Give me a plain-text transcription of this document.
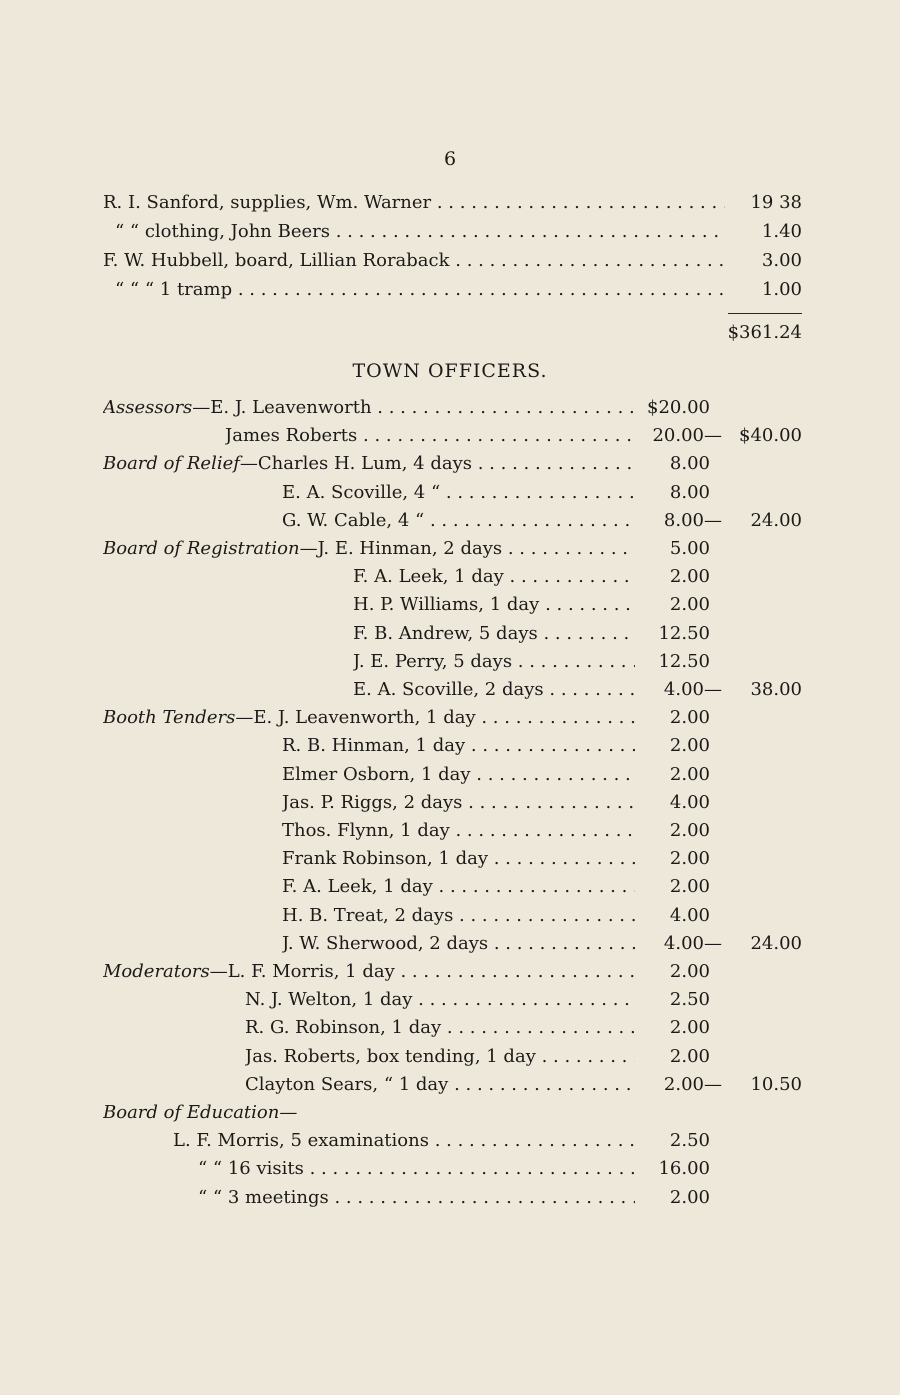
6
R. I. Sanford, supplies, Wm. Warner . . .	19 38
“ “ clothing, John Beers . . .	1.40
F. W. Hubbell, board, Lillian Roraback . . .	3.00
“ “ “ 1 tramp . . .	1.00
$361.24
TOWN OFFICERS.
Assessors—E. J. Leavenworth . . .	$20.00
James Roberts . . .	20.00— $40.00
Board of Relief—Charles H. Lum, 4 days . . .	8.00
E. A. Scoville, 4 “ . . .	8.00
G. W. Cable, 4 “ . . .	8.00— 24.00
Board of Registration—J. E. Hinman, 2 days . . .	5.00
F. A. Leek, 1 day . . .	2.00
H. P. Williams, 1 day . . .	2.00
F. B. Andrew, 5 days . . .	12.50
J. E. Perry, 5 days . . .	12.50
E. A. Scoville, 2 days . . .	4.00— 38.00
Booth Tenders—E. J. Leavenworth, 1 day . . .	2.00
R. B. Hinman, 1 day . . .	2.00
Elmer Osborn, 1 day . . .	2.00
Jas. P. Riggs, 2 days . . .	4.00
Thos. Flynn, 1 day . . .	2.00
Frank Robinson, 1 day . . .	2.00
F. A. Leek, 1 day . . .	2.00
H. B. Treat, 2 days . . .	4.00
J. W. Sherwood, 2 days . . .	4.00— 24.00
Moderators—L. F. Morris, 1 day . . .	2.00
N. J. Welton, 1 day . . .	2.50
R. G. Robinson, 1 day . . .	2.00
Jas. Roberts, box tending, 1 day . . .	2.00
Clayton Sears, “ 1 day . . .	2.00— 10.50
Board of Education—
L. F. Morris, 5 examinations . . .	2.50
“ “ 16 visits . . .	16.00
“ “ 3 meetings . . .	2.00
